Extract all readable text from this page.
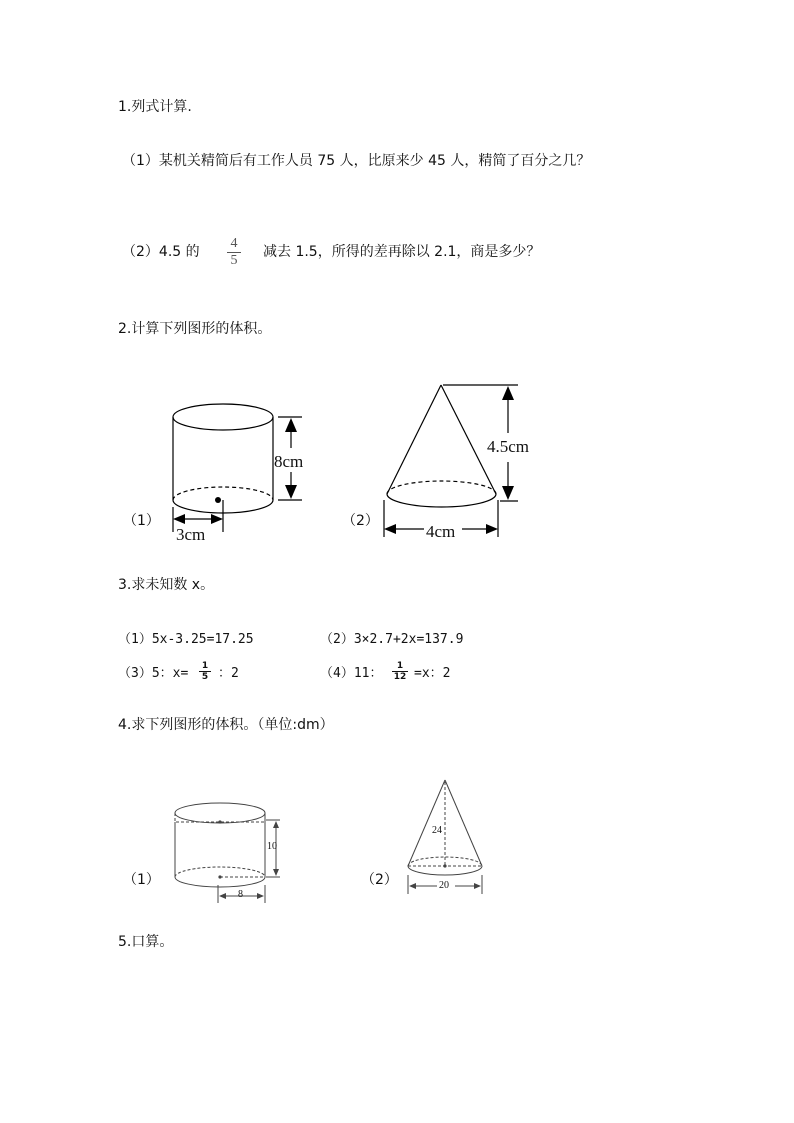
1.列式计算.
（1）某机关精简后有工作人员 75 人，比原来少 45 人，精简了百分之几？
（2）4.5 的 $\frac{4}{5}$ 减去 1.5，所得的差再除以 2.1，商是多少？
2.计算下列图形的体积。
8cm
3cm
（1）
4.5cm
4cm
（2）
3.求未知数 x。
（1）5x-3.25=17.25	（2）3×2.7+2x=137.9
（3）5：$x= \frac{1}{5}$ ：2	（4）11： $\frac{1}{12} =x$：2
4.求下列图形的体积。（单位:dm）
10
8
（1）
24
20
（2）
5.口算。
